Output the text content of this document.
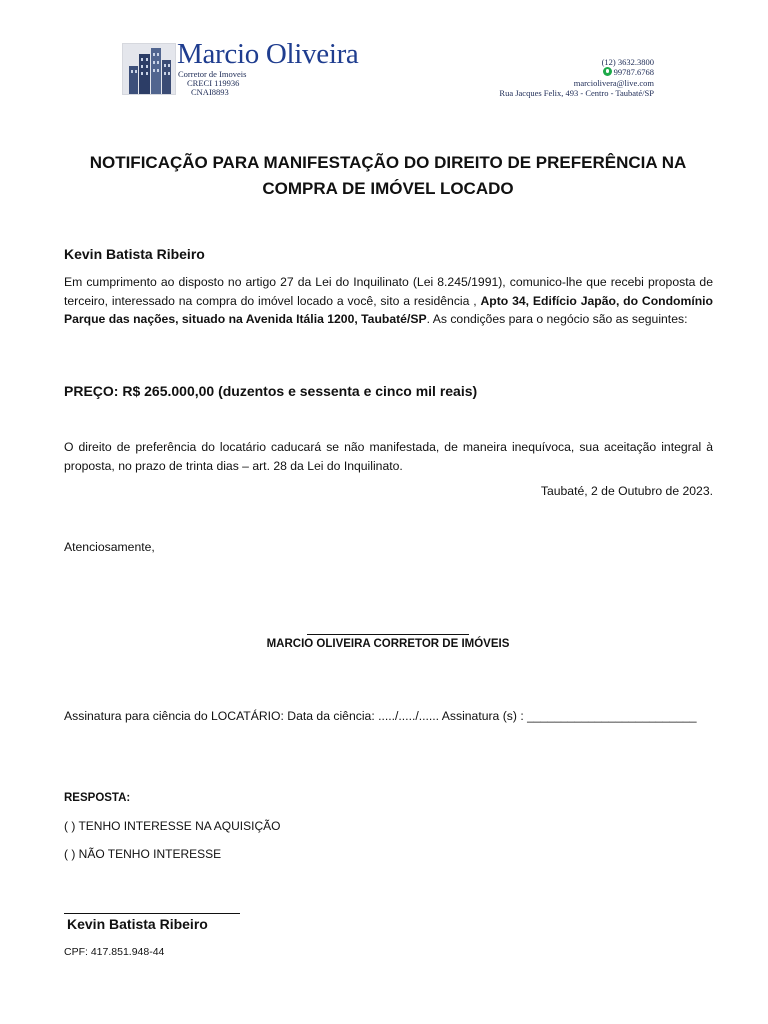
Marcio Oliveira
Corretor de Imoveis
CRECI 119936
CNAI8893
(12) 3632.3800
99787.6768
marciolivera@live.com
Rua Jacques Felix, 493 - Centro - Taubaté/SP
NOTIFICAÇÃO PARA MANIFESTAÇÃO DO DIREITO DE PREFERÊNCIA NA
COMPRA DE IMÓVEL LOCADO
Kevin Batista Ribeiro
Em cumprimento ao disposto no artigo 27 da Lei do Inquilinato (Lei 8.245/1991), comunico-lhe que recebi proposta de terceiro, interessado na compra do imóvel locado a você, sito a residência , Apto 34, Edifício Japão, do Condomínio Parque das nações, situado na Avenida Itália 1200, Taubaté/SP. As condições para o negócio são as seguintes:
PREÇO: R$ 265.000,00 (duzentos e sessenta e cinco mil reais)
O direito de preferência do locatário caducará se não manifestada, de maneira inequívoca, sua aceitação integral à proposta, no prazo de trinta dias – art. 28 da Lei do Inquilinato.
Taubaté, 2 de Outubro de 2023.
Atenciosamente,
MARCIO OLIVEIRA CORRETOR DE IMÓVEIS
Assinatura para ciência do LOCATÁRIO: Data da ciência: ...../...../...... Assinatura (s) : _________________________
RESPOSTA:
( ) TENHO INTERESSE NA AQUISIÇÃO
( ) NÃO TENHO INTERESSE
Kevin Batista Ribeiro
CPF: 417.851.948-44
